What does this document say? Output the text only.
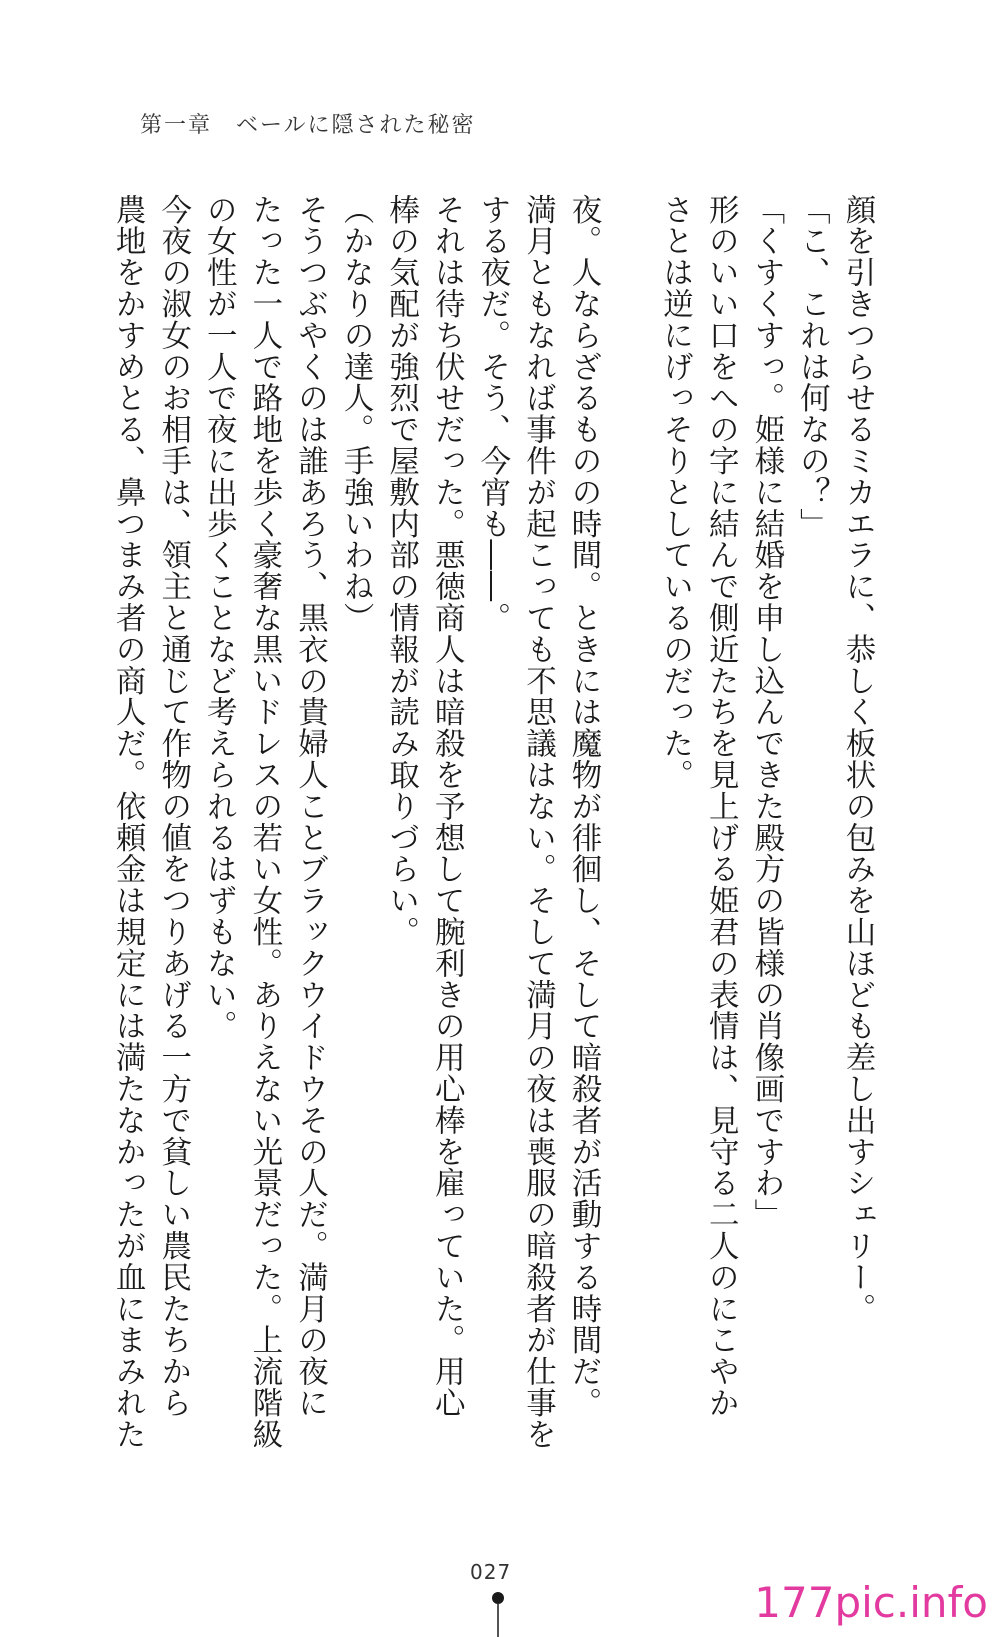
第一章　ベールに隠された秘密
顔を引きつらせるミカエラに、恭しく板状の包みを山ほども差し出すシェリー。
「こ、これは何なの？」
「くすくすっ。姫様に結婚を申し込んできた殿方の皆様の肖像画ですわ」
形のいい口をへの字に結んで側近たちを見上げる姫君の表情は、見守る二人のにこやか
さとは逆にげっそりとしているのだった。
夜。人ならざるものの時間。ときには魔物が徘徊し、そして暗殺者が活動する時間だ。
満月ともなれば事件が起こっても不思議はない。そして満月の夜は喪服の暗殺者が仕事を
する夜だ。そう、今宵も――。
それは待ち伏せだった。悪徳商人は暗殺を予想して腕利きの用心棒を雇っていた。用心
棒の気配が強烈で屋敷内部の情報が読み取りづらい。
（かなりの達人。手強いわね）
そうつぶやくのは誰あろう、黒衣の貴婦人ことブラックウイドウその人だ。満月の夜に
たった一人で路地を歩く豪奢な黒いドレスの若い女性。ありえない光景だった。上流階級
の女性が一人で夜に出歩くことなど考えられるはずもない。
今夜の淑女のお相手は、領主と通じて作物の値をつりあげる一方で貧しい農民たちから
農地をかすめとる、鼻つまみ者の商人だ。依頼金は規定には満たなかったが血にまみれた
027
177pic.info
